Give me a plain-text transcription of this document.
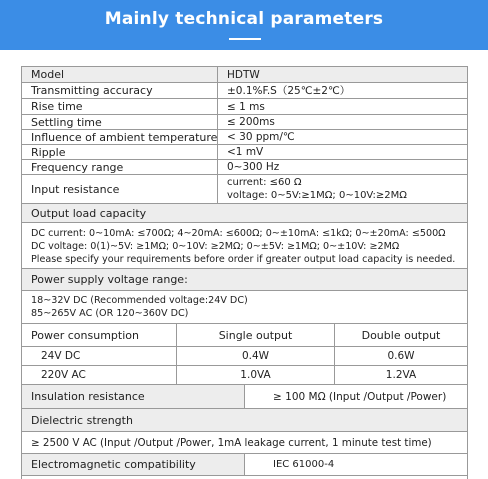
Mainly technical parameters
Model	HDTW
Transmitting accuracy	±0.1%F.S（25℃±2℃）
Rise time	≤ 1 ms
Settling time	≤ 200ms
Influence of ambient temperature < 30 ppm/℃
Ripple	<1 mV
Frequency range	0~300 Hz
Input resistance	current: ≤60 Ω
voltage: 0~5V:≥1MΩ; 0~10V:≥2MΩ
Output load capacity
DC current: 0~10mA: ≤700Ω; 4~20mA: ≤600Ω; 0~±10mA: ≤1kΩ; 0~±20mA: ≤500Ω
DC voltage: 0(1)~5V: ≥1MΩ; 0~10V: ≥2MΩ; 0~±5V: ≥1MΩ; 0~±10V: ≥2MΩ
Please specify your requirements before order if greater output load capacity is needed.
Power supply voltage range:
18~32V DC (Recommended voltage:24V DC)
85~265V AC (OR 120~360V DC)
Power consumption	Single output	Double output
24V DC	0.4W	0.6W
220V AC	1.0VA	1.2VA
Insulation resistance	≥ 100 MΩ (Input /Output /Power)
Dielectric strength
≥ 2500 V AC (Input /Output /Power, 1mA leakage current, 1 minute test time)
Electromagnetic compatibility	IEC 61000-4
